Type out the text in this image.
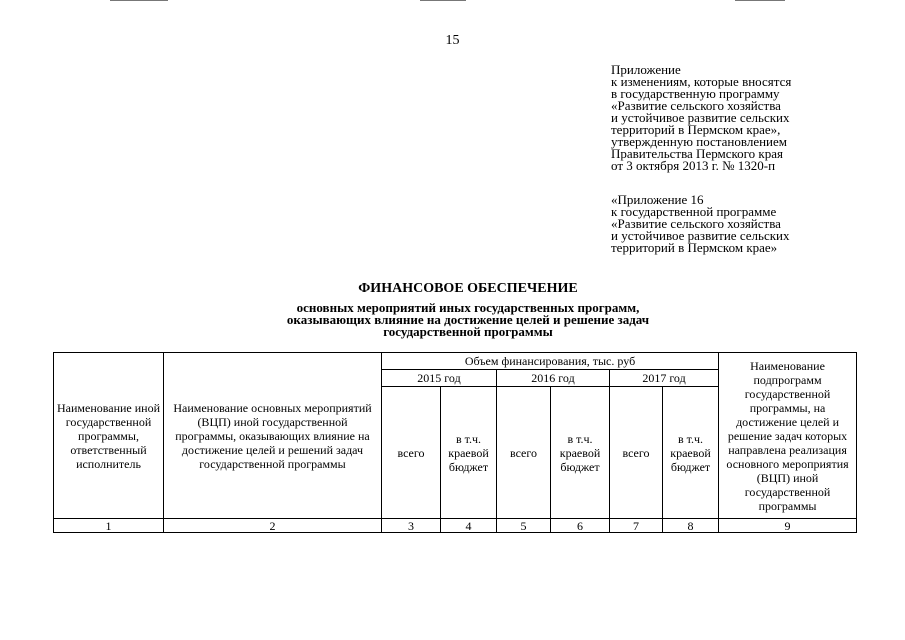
15
Приложение
к изменениям, которые вносятся
в государственную программу
«Развитие сельского хозяйства
и устойчивое развитие сельских
территорий в Пермском крае»,
утвержденную постановлением
Правительства Пермского края
от 3 октября 2013 г. № 1320-п
«Приложение 16
к государственной программе
«Развитие сельского хозяйства
и устойчивое развитие сельских
территорий в Пермском крае»
ФИНАНСОВОЕ ОБЕСПЕЧЕНИЕ
основных мероприятий иных государственных программ,
оказывающих влияние на достижение целей и решение задач
государственной программы
Наименование иной государственной программы, ответственный исполнитель	Наименование основных мероприятий (ВЦП) иной государственной программы, оказывающих влияние на достижение целей и решений задач государственной программы	Объем финансирования, тыс. руб						Наименование подпрограмм государственной программы, на достижение целей и решение задач которых направлена реализация основного мероприятия (ВЦП) иной государственной программы
		2015 год		2016 год		2017 год		
		всего	в т.ч. краевой бюджет	всего	в т.ч. краевой бюджет	всего	в т.ч. краевой бюджет	
1	2	3	4	5	6	7	8	9
